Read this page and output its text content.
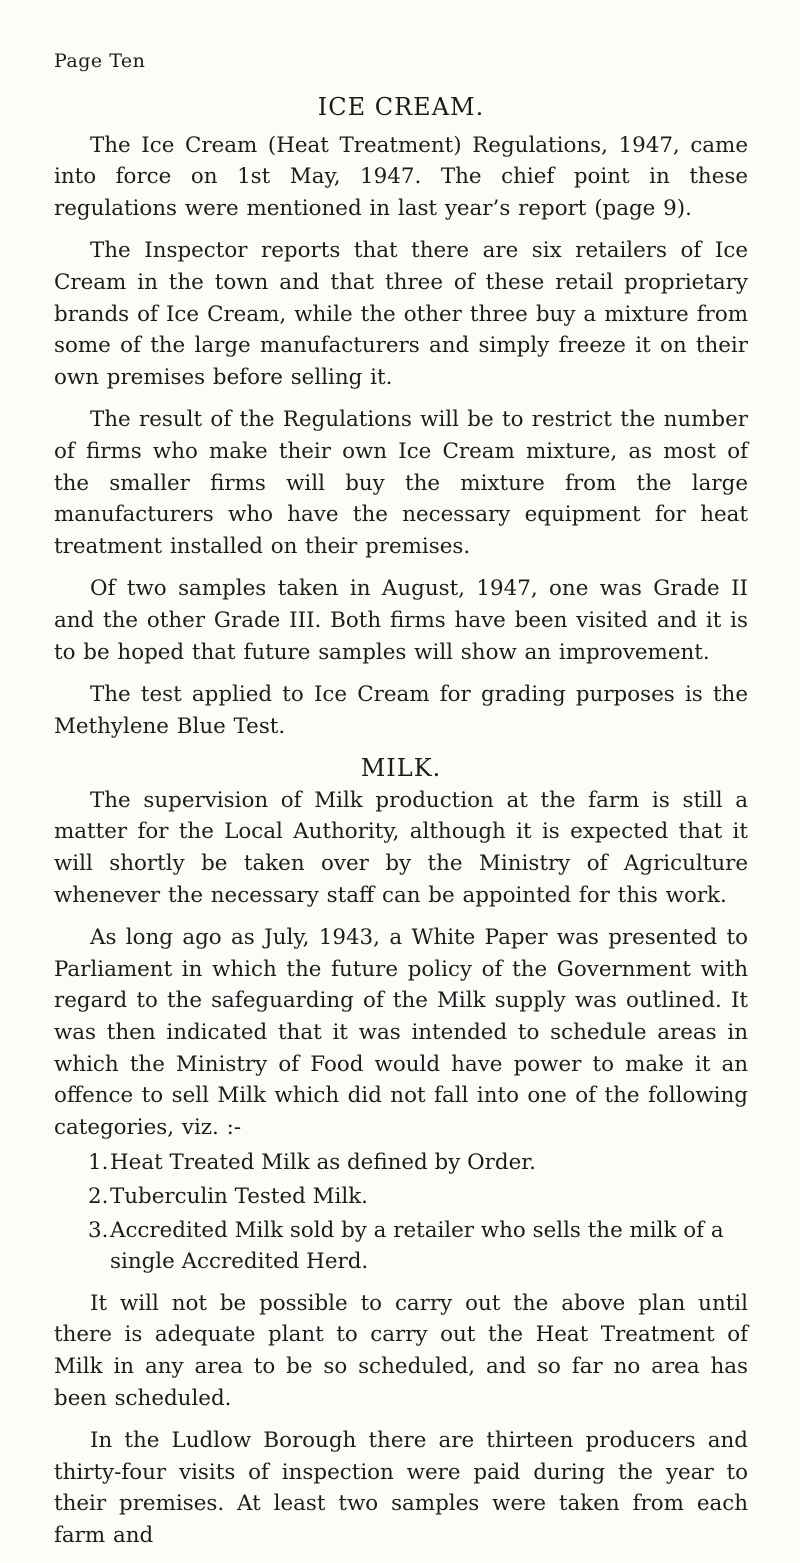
Page Ten
ICE CREAM.

The Ice Cream (Heat Treatment) Regulations, 1947, came into force on 1st May, 1947. The chief point in these regulations were mentioned in last year’s report (page 9).

The Inspector reports that there are six retailers of Ice Cream in the town and that three of these retail proprietary brands of Ice Cream, while the other three buy a mixture from some of the large manufacturers and simply freeze it on their own premises before selling it.

The result of the Regulations will be to restrict the number of firms who make their own Ice Cream mixture, as most of the smaller firms will buy the mixture from the large manufacturers who have the necessary equipment for heat treatment installed on their premises.

Of two samples taken in August, 1947, one was Grade II and the other Grade III. Both firms have been visited and it is to be hoped that future samples will show an improvement.

The test applied to Ice Cream for grading purposes is the Methylene Blue Test.

MILK.

The supervision of Milk production at the farm is still a matter for the Local Authority, although it is expected that it will shortly be taken over by the Ministry of Agriculture whenever the necessary staff can be appointed for this work.

As long ago as July, 1943, a White Paper was presented to Parliament in which the future policy of the Government with regard to the safeguarding of the Milk supply was outlined. It was then indicated that it was intended to schedule areas in which the Ministry of Food would have power to make it an offence to sell Milk which did not fall into one of the following categories, viz. :-

1. Heat Treated Milk as defined by Order.
2. Tuberculin Tested Milk.
3. Accredited Milk sold by a retailer who sells the milk of a single Accredited Herd.

It will not be possible to carry out the above plan until there is adequate plant to carry out the Heat Treatment of Milk in any area to be so scheduled, and so far no area has been scheduled.

In the Ludlow Borough there are thirteen producers and thirty-four visits of inspection were paid during the year to their premises. At least two samples were taken from each farm and
